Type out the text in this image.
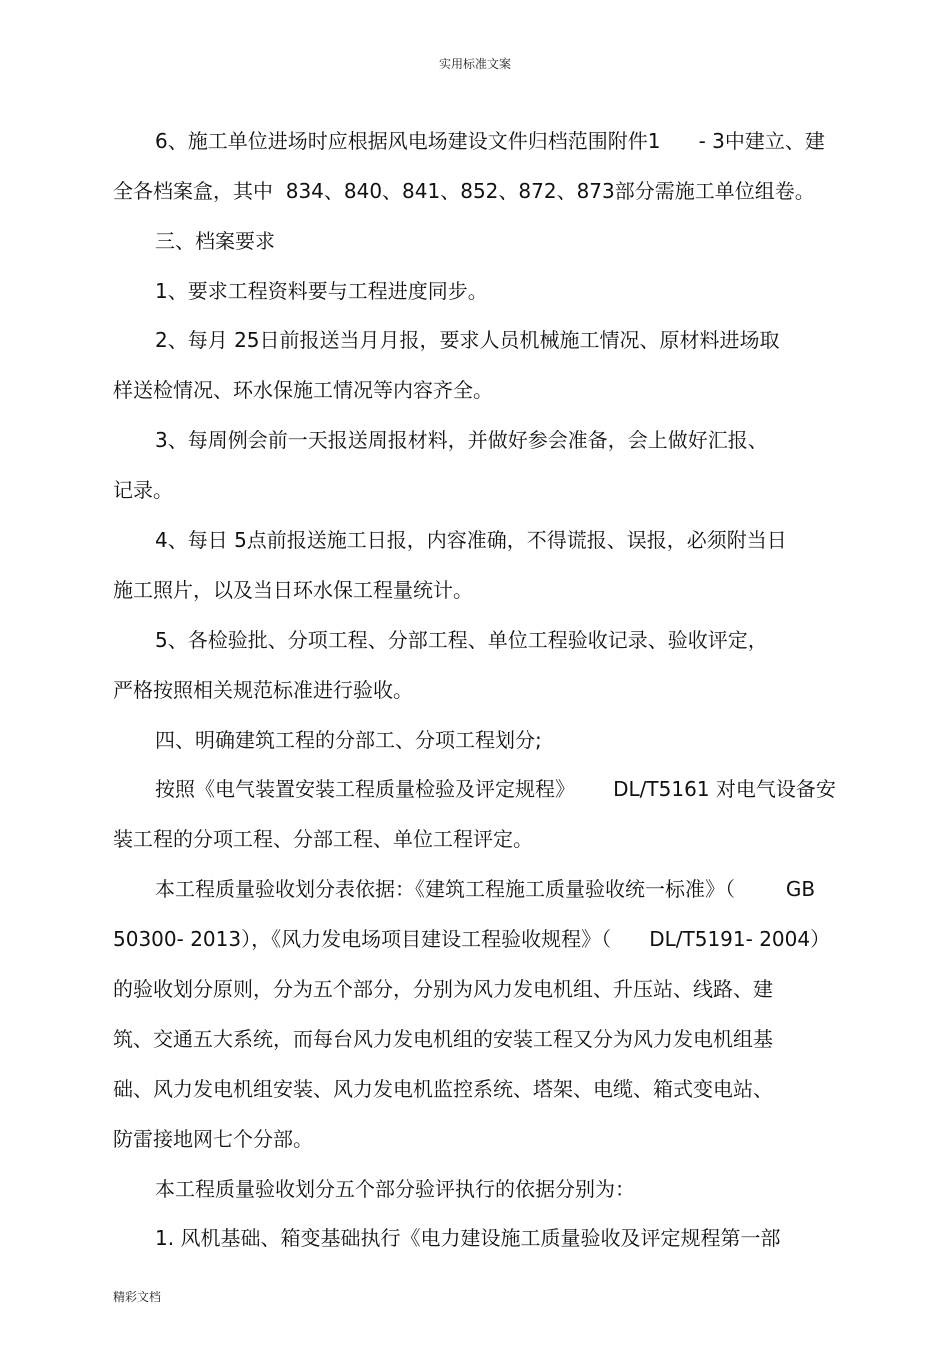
实用标准文案
6、施工单位进场时应根据风电场建设文件归档范围附件1      - 3中建立、建
全各档案盒，其中  834、840、841、852、872、873部分需施工单位组卷。
三、档案要求
1、要求工程资料要与工程进度同步。
2、每月 25日前报送当月月报，要求人员机械施工情况、原材料进场取
样送检情况、环水保施工情况等内容齐全。
3、每周例会前一天报送周报材料，并做好参会准备，会上做好汇报、
记录。
4、每日 5点前报送施工日报，内容准确，不得谎报、误报，必须附当日
施工照片，以及当日环水保工程量统计。
5、各检验批、分项工程、分部工程、单位工程验收记录、验收评定，
严格按照相关规范标准进行验收。
四、明确建筑工程的分部工、分项工程划分;
按照《电气装置安装工程质量检验及评定规程》      DL/T5161 对电气设备安
装工程的分项工程、分部工程、单位工程评定。
本工程质量验收划分表依据：《建筑工程施工质量验收统一标准》（        GB
50300- 2013），《风力发电场项目建设工程验收规程》（      DL/T5191- 2004）
的验收划分原则，分为五个部分，分别为风力发电机组、升压站、线路、建
筑、交通五大系统，而每台风力发电机组的安装工程又分为风力发电机组基
础、风力发电机组安装、风力发电机监控系统、塔架、电缆、箱式变电站、
防雷接地网七个分部。
本工程质量验收划分五个部分验评执行的依据分别为：
1. 风机基础、箱变基础执行《电力建设施工质量验收及评定规程第一部
精彩文档
